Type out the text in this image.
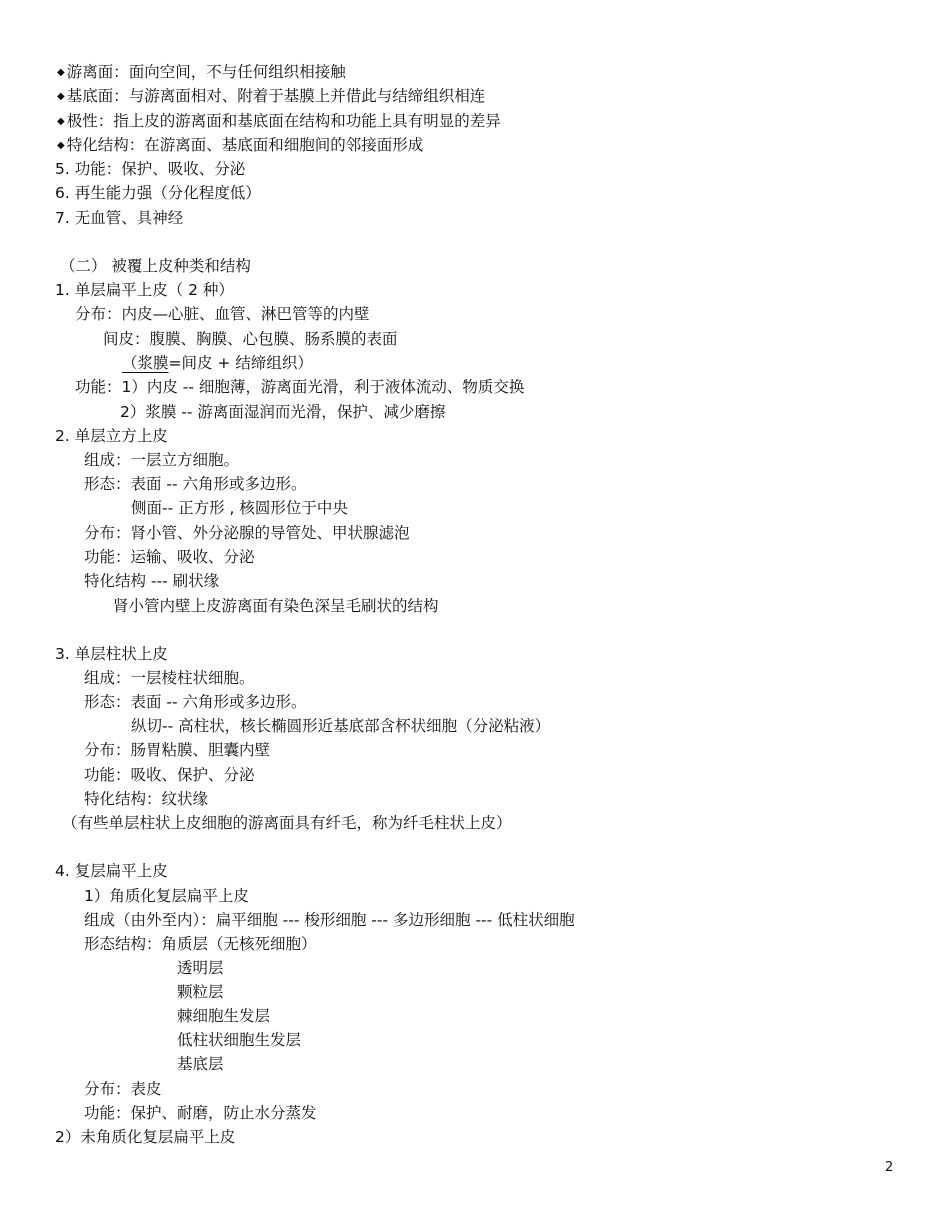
◆ 游离面：面向空间，不与任何组织相接触
◆ 基底面：与游离面相对、附着于基膜上并借此与结缔组织相连
◆ 极性：指上皮的游离面和基底面在结构和功能上具有明显的差异
◆ 特化结构：在游离面、基底面和细胞间的邻接面形成
5. 功能：保护、吸收、分泌
6. 再生能力强（分化程度低）
7. 无血管、具神经
（二） 被覆上皮种类和结构
1. 单层扁平上皮（ 2 种）
分布：内皮—心脏、血管、淋巴管等的内壁
间皮：腹膜、胸膜、心包膜、肠系膜的表面
（浆膜=间皮 + 结缔组织）
功能：1）内皮 -- 细胞薄，游离面光滑，利于液体流动、物质交换
2）浆膜 -- 游离面湿润而光滑，保护、减少磨擦
2. 单层立方上皮
组成：一层立方细胞。
形态：表面 -- 六角形或多边形。
侧面-- 正方形 , 核圆形位于中央
分布：肾小管、外分泌腺的导管处、甲状腺滤泡
功能：运输、吸收、分泌
特化结构 --- 刷状缘
肾小管内壁上皮游离面有染色深呈毛刷状的结构
3. 单层柱状上皮
组成：一层棱柱状细胞。
形态：表面 -- 六角形或多边形。
纵切-- 高柱状，核长椭圆形近基底部含杯状细胞（分泌粘液）
分布：肠胃粘膜、胆囊内壁
功能：吸收、保护、分泌
特化结构：纹状缘
（有些单层柱状上皮细胞的游离面具有纤毛，称为纤毛柱状上皮）
4. 复层扁平上皮
1）角质化复层扁平上皮
组成（由外至内）：扁平细胞 --- 梭形细胞 --- 多边形细胞 --- 低柱状细胞
形态结构：角质层（无核死细胞）
透明层
颗粒层
棘细胞生发层
低柱状细胞生发层
基底层
分布：表皮
功能：保护、耐磨，防止水分蒸发
2）未角质化复层扁平上皮
2
